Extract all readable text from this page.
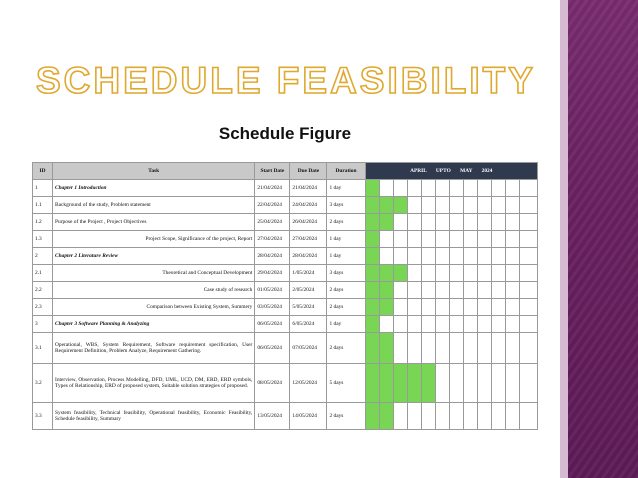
SCHEDULE FEASIBILITY
Schedule Figure
ID	Task	Start Date	Due Date	Duration	APRIL UPTO MAY 2024											
1	Chapter 1 Introduction	21/04/2024	21/04/2024	1 day												
1.1	Background of the study, Problem statement	22/04/2024	24/04/2024	3 days												
1.2	Purpose of the Project , Project Objectives	25/04/2024	26/04/2024	2 days												
1.3	Project Scope, Significance of the project, Report	27/04/2024	27/04/2024	1 day												
2	Chapter 2 Literature Review	28/04/2024	28/04/2024	1 day												
2.1	Theoretical and Conceptual Development	29/04/2024	1/05/2024	3 days												
2.2	Case study of research	01/05/2024	2/05/2024	2 days												
2.3	Comparison between Existing System, Summery	03/05/2024	5/05/2024	2 days												
3	Chapter 3 Software Planning & Analyzing	06/05/2024	6/05/2024	1 day												
3.1	Operational, WBS, System Requirement, Software requirement specification, User Requirement Definition, Problem Analyze, Requirement Gathering.	06/05/2024	07/05/2024	2 days												
3.2	Interview, Observation, Process Modelling, DFD, UML, UCD, DM, ERD, ERD symbols, Types of Relationship, ERD of proposed system, Suitable solution strategies of proposed.	08/05/2024	12/05/2024	5 days												
3.3	System feasibility, Technical feasibility, Operational feasibility, Economic Feasibility, Schedule feasibility, Summary	13/05/2024	14/05/2024	2 days												
